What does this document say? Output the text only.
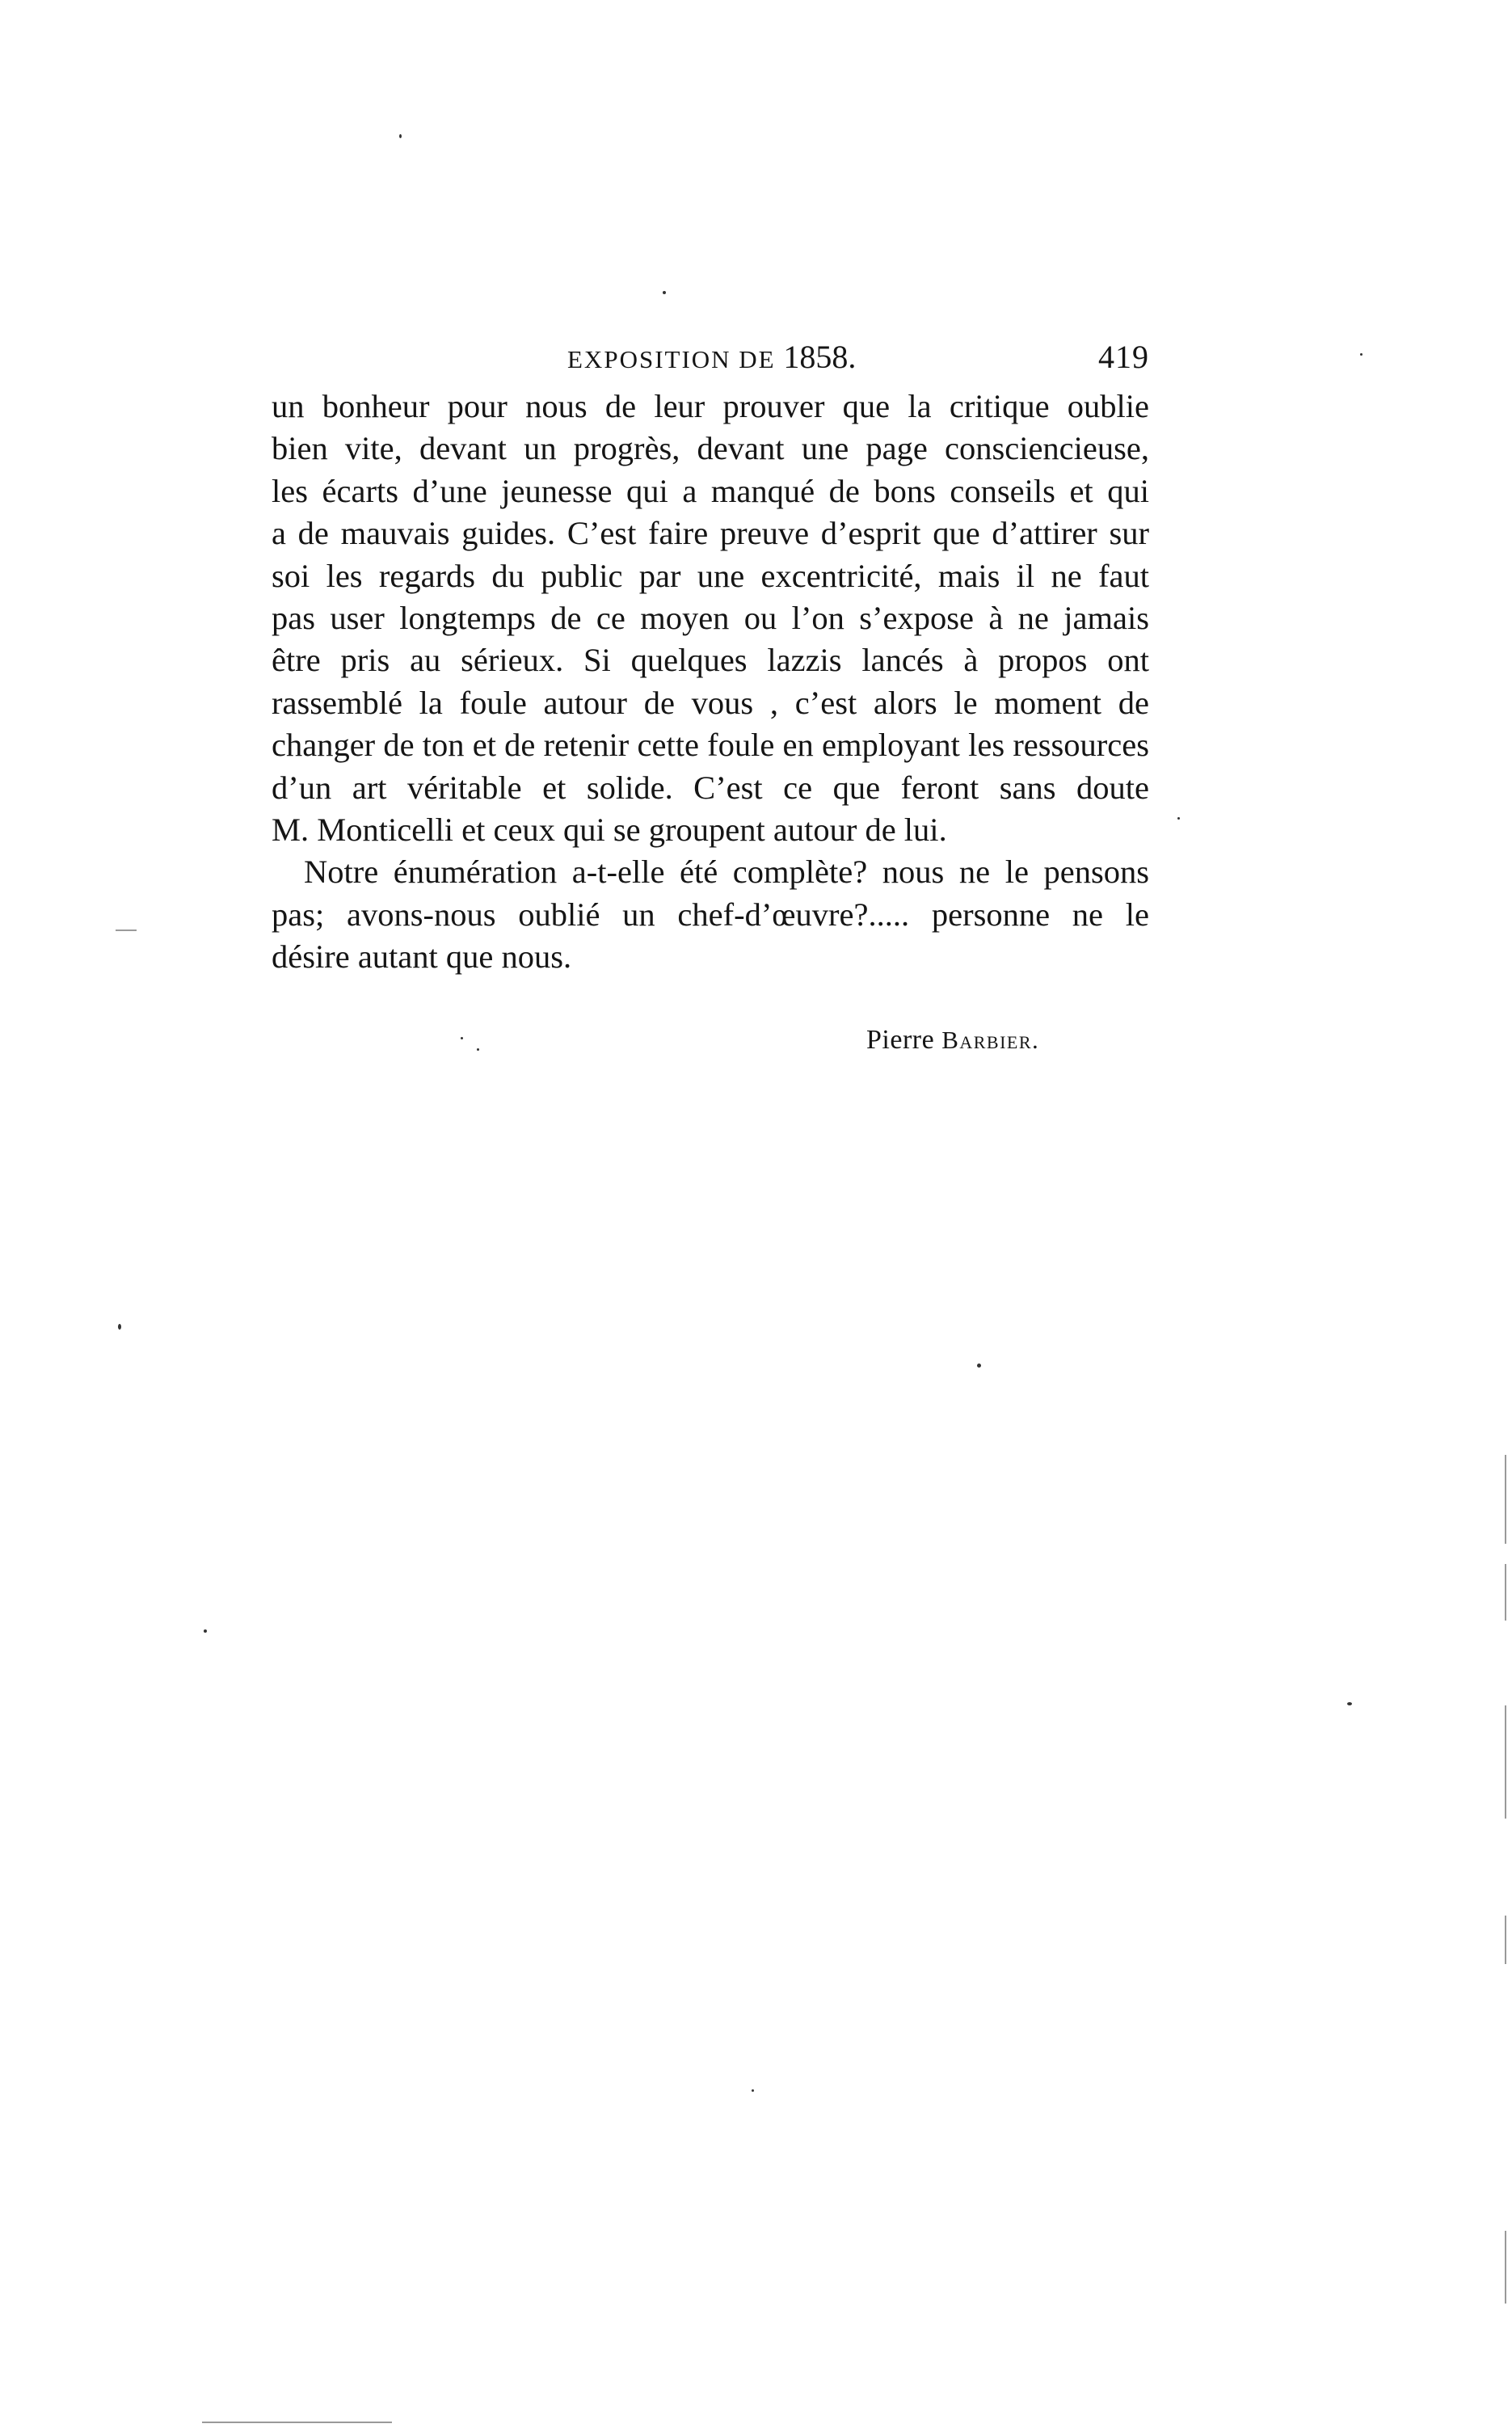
EXPOSITION DE 1858.	419

un bonheur pour nous de leur prouver que la critique oublie
bien vite, devant un progrès, devant une page consciencieuse,
les écarts d’une jeunesse qui a manqué de bons conseils et qui
a de mauvais guides. C’est faire preuve d’esprit que d’attirer sur
soi les regards du public par une excentricité, mais il ne faut
pas user longtemps de ce moyen ou l’on s’expose à ne jamais
être pris au sérieux. Si quelques lazzis lancés à propos ont
rassemblé la foule autour de vous , c’est alors le moment de
changer de ton et de retenir cette foule en employant les ressources
d’un art véritable et solide. C’est ce que feront sans doute
M. Monticelli et ceux qui se groupent autour de lui.

Notre énumération a-t-elle été complète? nous ne le pensons
pas; avons-nous oublié un chef-d’œuvre?..... personne ne le
désire autant que nous.

Pierre Barbier.
